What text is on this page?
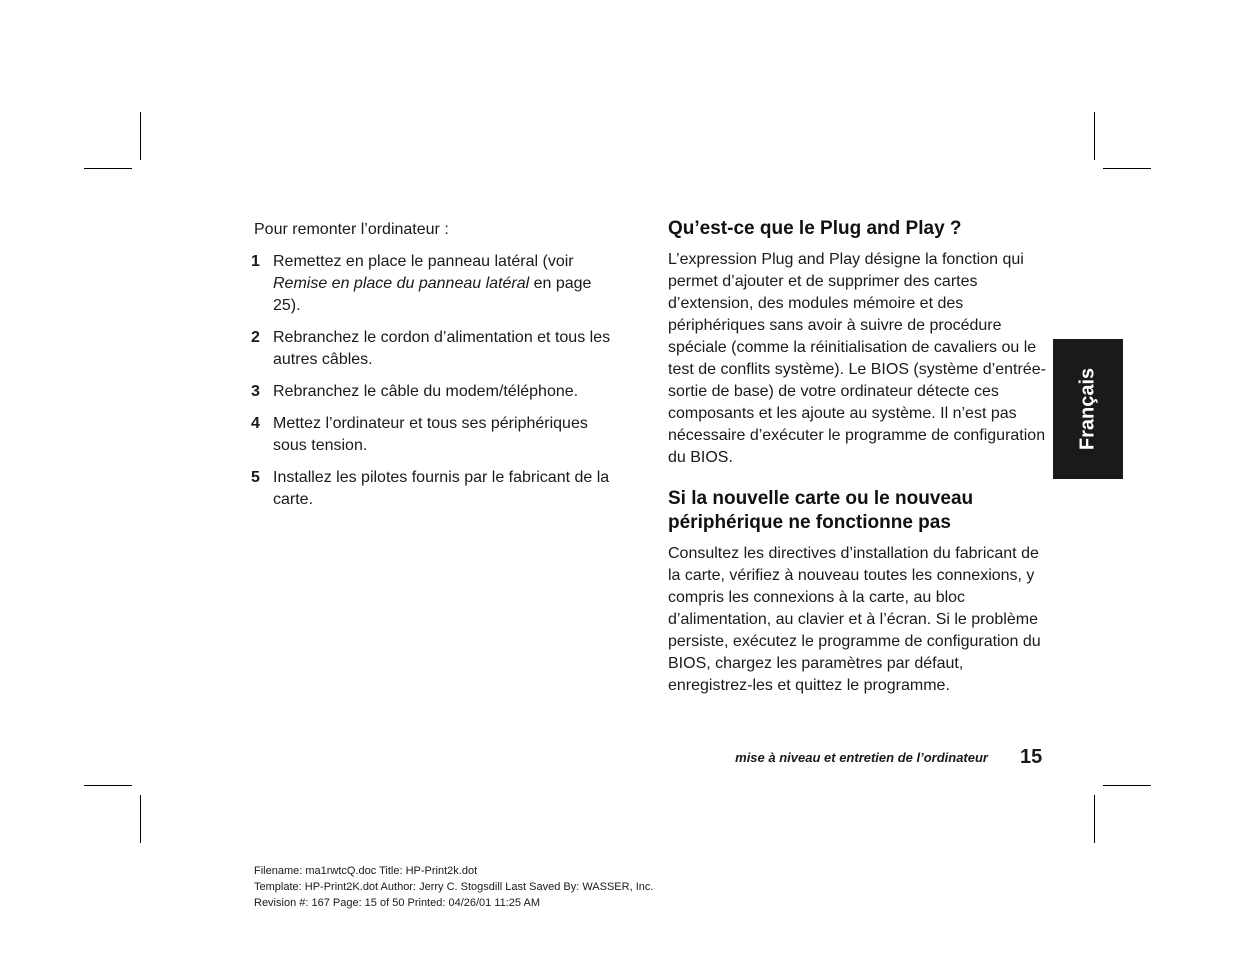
Pour remonter l’ordinateur :

1 Remettez en place le panneau latéral (voir Remise en place du panneau latéral en page 25).
2 Rebranchez le cordon d’alimentation et tous les autres câbles.
3 Rebranchez le câble du modem/téléphone.
4 Mettez l’ordinateur et tous ses périphériques sous tension.
5 Installez les pilotes fournis par le fabricant de la carte.
Qu’est-ce que le Plug and Play ?

L’expression Plug and Play désigne la fonction qui permet d’ajouter et de supprimer des cartes d’extension, des modules mémoire et des périphériques sans avoir à suivre de procédure spéciale (comme la réinitialisation de cavaliers ou le test de conflits système). Le BIOS (système d’entrée-sortie de base) de votre ordinateur détecte ces composants et les ajoute au système. Il n’est pas nécessaire d’exécuter le programme de configuration du BIOS.

Si la nouvelle carte ou le nouveau périphérique ne fonctionne pas

Consultez les directives d’installation du fabricant de la carte, vérifiez à nouveau toutes les connexions, y compris les connexions à la carte, au bloc d’alimentation, au clavier et à l’écran. Si le problème persiste, exécutez le programme de configuration du BIOS, chargez les paramètres par défaut, enregistrez-les et quittez le programme.

Français
mise à niveau et entretien de l’ordinateur 15
Filename: ma1rwtcQ.doc Title: HP-Print2k.dot
Template: HP-Print2K.dot Author: Jerry C. Stogsdill Last Saved By: WASSER, Inc.
Revision #: 167 Page: 15 of 50 Printed: 04/26/01 11:25 AM
